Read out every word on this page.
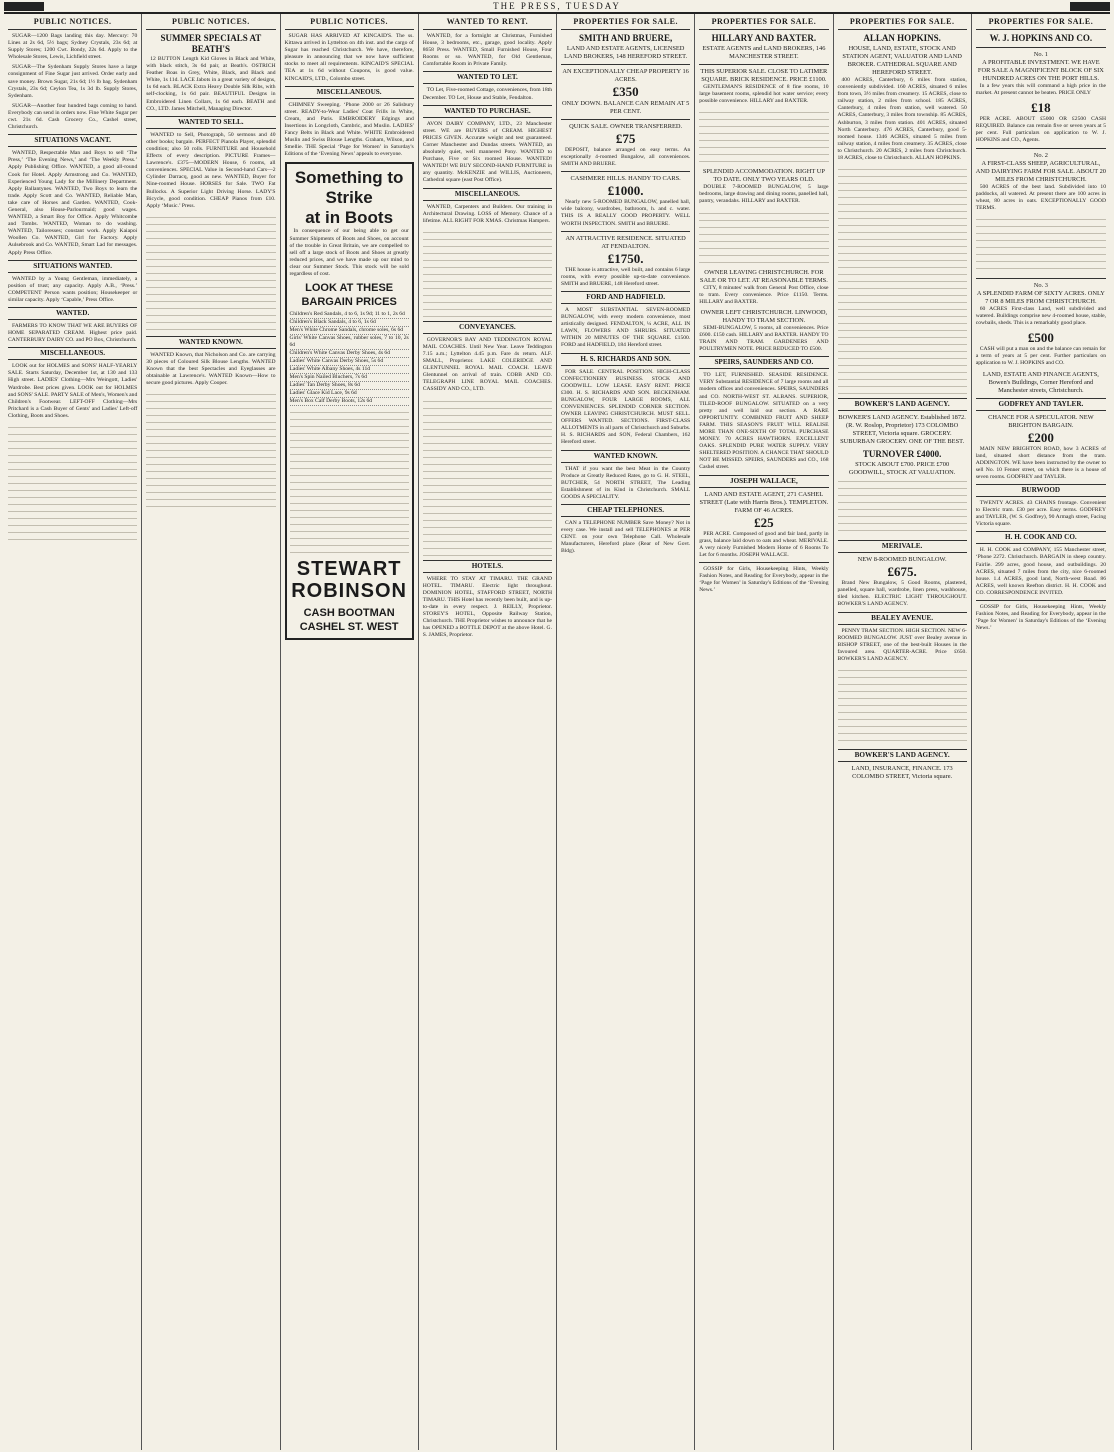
THE PRESS, TUESDAY
PUBLIC NOTICES.
SUGAR—1200 Bags landing this day. Mercury: 70 Lines at 2s 6d, 5½ bags; Sydney Crystals, 23s 6d; at Supply Stores; 1200 Cwt. Bondy, 22s 6d. Apply to the Wholesale Stores, Lewis, Lichfield street.
SUGAR—The Sydenham Supply Stores have a large consignment of Fine Sugar just arrived. Order early and save money. Brown Sugar, 21s 6d; 1½ lb bag. Sydenham Crystals, 23s 6d; Ceylon Tea, 1s 3d lb. Supply Stores, Sydenham.
SUGAR—Another four hundred bags coming to hand. Everybody can send in orders now. Fine White Sugar per cwt. 21s 6d. Cash Grocery Co., Cashel street, Christchurch.
SITUATIONS VACANT.
WANTED, Respectable Man and Boys to sell ‘The Press,’ ‘The Evening News,’ and ‘The Weekly Press.’ Apply Publishing Office. WANTED, a good all-round Cook for Hotel. Apply Armstrong and Co. WANTED, Experienced Young Lady for the Millinery Department. Apply Ballantynes. WANTED, Two Boys to learn the trade. Apply Scott and Co. WANTED, Reliable Man, take care of Horses and Garden. WANTED, Cook-General, also House-Parlourmaid; good wages. WANTED, a Smart Boy for Office. Apply Whitcombe and Tombs. WANTED, Woman to do washing. WANTED, Tailoresses; constant work. Apply Kaiapoi Woollen Co. WANTED, Girl for Factory. Apply Aulsebrook and Co. WANTED, Smart Lad for messages. Apply Press Office.
SITUATIONS WANTED.
WANTED by a Young Gentleman, immediately, a position of trust; any capacity. Apply A.B., ‘Press.’ COMPETENT Person wants position; Housekeeper or similar capacity. Apply ‘Capable,’ Press Office.
WANTED.
FARMERS TO KNOW THAT WE ARE BUYERS OF HOME SEPARATED CREAM. Highest price paid. CANTERBURY DAIRY CO. and PO Box, Christchurch.
MISCELLANEOUS.
LOOK out for HOLMES and SONS' HALF-YEARLY SALE. Starts Saturday, December 1st, at 130 and 133 High street. LADIES' Clothing—Mrs Weingott, Ladies' Wardrobe. Best prices given. LOOK out for HOLMES and SONS' SALE. PARTY SALE of Men's, Women's and Children's Footwear. LEFT-OFF Clothing—Mrs Pritchard is a Cash Buyer of Gents' and Ladies' Left-off Clothing, Boots and Shoes.
PUBLIC NOTICES.
SUMMER SPECIALS AT BEATH'S
12 BUTTON Length Kid Gloves in Black and White, with black stitch, 3s 6d pair, at Beath's. OSTRICH Feather Boas in Grey, White, Black, and Black and White, 1s 11d. LACE Jabots in a great variety of designs, 1s 6d each. BLACK Extra Heavy Double Silk Ribs, with self-clocking, 1s 6d pair. BEAUTIFUL Designs in Embroidered Linen Collars, 1s 6d each. BEATH and CO., LTD. James Mitchell, Managing Director.
WANTED TO SELL.
WANTED to Sell, Photograph, 50 sermons and 40 other books; bargain. PERFECT Pianola Player, splendid condition; also 50 rolls. FURNITURE and Household Effects of every description. PICTURE Frames—Lawrence's. £375—MODERN House, 6 rooms, all conveniences. SPECIAL Value in Second-hand Cars—2 Cylinder Darracq, good as new. WANTED, Buyer for Nine-roomed House. HORSES for Sale. TWO Fat Bullocks. A Superior Light Driving Horse. LADY'S Bicycle, good condition. CHEAP Pianos from £10. Apply ‘Music.’ Press.
WANTED KNOWN.
WANTED Known, that Nicholson and Co. are carrying 30 pieces of Coloured Silk Blouse Lengths. WANTED Known that the best Spectacles and Eyeglasses are obtainable at Lawrence's. WANTED Known—How to secure good pictures. Apply Cooper.
PUBLIC NOTICES.
SUGAR HAS ARRIVED AT KINCAID'S. The ss. Kittawa arrived in Lyttelton on 4th inst. and the cargo of Sugar has reached Christchurch. We have, therefore, pleasure in announcing that we now have sufficient stocks to meet all requirements. KINCAID'S SPECIAL TEA at 1s 6d without Coupons, is good value. KINCAID'S, LTD., Colombo street.
MISCELLANEOUS.
CHIMNEY Sweeping. ‘Phone 2000 or 26 Salisbury street. READY-to-Wear Ladies' Coat Frills in White, Cream, and Paris. EMBROIDERY Edgings and Insertions in Longcloth, Cambric, and Muslin. LADIES' Fancy Belts in Black and White. WHITE Embroidered Muslin and Swiss Blouse Lengths. Graham, Wilson, and Smellie. THE Special ‘Page for Women’ in Saturday's Editions of the ‘Evening News’ appeals to everyone.
Something to Strike
at in Boots
In consequence of our being able to get our Summer Shipments of Boots and Shoes, on account of the trouble in Great Britain, we are compelled to sell off a large stock of Boots and Shoes at greatly reduced prices, and we have made up our mind to clear our Summer Stock. This stock will be sold regardless of cost.
LOOK AT THESE BARGAIN PRICES
Children's Red Sandals, 4 to 6, 1s 9d; 11 to 1, 2s 6d
Children's Black Sandals, 4 to 6, 1s 6d
Men's White Chrome Sandals, chrome soles, 6s 6d
Girls' White Canvas Shoes, rubber soles, 7 to 10, 2s 6d
Children's White Canvas Derby Shoes, 4s 6d
Ladies' White Canvas Derby Shoes, 5s 6d
Ladies' White Albany Shoes, 4s 11d
Men's Spin Nailed Bluchers, 7s 6d
Ladies' Tan Derby Shoes, 8s 6d
Ladies' Glace Kid Lace, 9s 6d
Men's Box Calf Derby Boots, 12s 6d
STEWART
ROBINSON
CASH BOOTMAN
CASHEL ST. WEST
WANTED TO RENT.
WANTED, for a fortnight at Christmas, Furnished House, 3 bedrooms, etc., garage, good locality. Apply 8658 Press. WANTED, Small Furnished House, Four Rooms or so. WANTED, for Old Gentleman, Comfortable Room in Private Family.
WANTED TO LET.
TO Let, Five-roomed Cottage, conveniences, from 18th December. TO Let, House and Stable, Fendalton.
WANTED TO PURCHASE.
AVON DAIRY COMPANY, LTD., 23 Manchester street. WE are BUYERS of CREAM. HIGHEST PRICES GIVEN. Accurate weight and test guaranteed. Corner Manchester and Dundas streets. WANTED, an absolutely quiet, well mannered Pony. WANTED to Purchase, Five or Six roomed House. WANTED! WANTED! WE BUY SECOND-HAND FURNITURE in any quantity. McKENZIE and WILLIS, Auctioneers, Cathedral square (east Post Office).
MISCELLANEOUS.
WANTED, Carpenters and Builders. Our training in Architectural Drawing. LOSS of Memory. Chance of a lifetime. ALL RIGHT FOR XMAS. Christmas Hampers.
CONVEYANCES.
GOVERNOR'S BAY AND TEDDINGTON ROYAL MAIL COACHES. Until New Year. Leave Teddington 7.15 a.m.; Lyttelton 4.45 p.m. Fare 4s return. ALF. SMALL, Proprietor. LAKE COLERIDGE AND GLENTUNNEL ROYAL MAIL COACH. LEAVE Glentunnel on arrival of train. COBB AND CO. TELEGRAPH LINE ROYAL MAIL COACHES. CASSIDY AND CO., LTD.
HOTELS.
WHERE TO STAY AT TIMARU. THE GRAND HOTEL. TIMARU. Electric light throughout. DOMINION HOTEL, STAFFORD STREET, NORTH TIMARU. THIS Hotel has recently been built, and is up-to-date in every respect. J. REILLY, Proprietor. STOREY'S HOTEL, Opposite Railway Station, Christchurch. THE Proprietor wishes to announce that he has OPENED a BOTTLE DEPOT at the above Hotel. G. S. JAMES, Proprietor.
PROPERTIES FOR SALE.
SMITH AND BRUERE,
LAND AND ESTATE AGENTS, LICENSED LAND BROKERS, 148 HEREFORD STREET.
AN EXCEPTIONALLY CHEAP PROPERTY 16 ACRES.
£350
ONLY DOWN. BALANCE CAN REMAIN AT 5 PER CENT.
QUICK SALE. OWNER TRANSFERRED.
£75
DEPOSIT, balance arranged on easy terms. An exceptionally 4-roomed Bungalow, all conveniences. SMITH AND BRUERE.
CASHMERE HILLS. HANDY TO CARS.
£1000.
Nearly new 5-ROOMED BUNGALOW, panelled hall, wide balcony, wardrobes, bathroom, h. and c. water. THIS IS A REALLY GOOD PROPERTY. WELL WORTH INSPECTION. SMITH and BRUERE.
AN ATTRACTIVE RESIDENCE. SITUATED AT FENDALTON.
£1750.
THE house is attractive, well built, and contains 6 large rooms, with every possible up-to-date convenience. SMITH and BRUERE, 148 Hereford street.
FORD AND HADFIELD.
A MOST SUBSTANTIAL SEVEN-ROOMED BUNGALOW, with every modern convenience, most artistically designed. FENDALTON, ¼ ACRE, ALL IN LAWN, FLOWERS AND SHRUBS. SITUATED WITHIN 20 MINUTES OF THE SQUARE. £1500. FORD and HADFIELD, 184 Hereford street.
H. S. RICHARDS AND SON.
FOR SALE. CENTRAL POSITION. HIGH-CLASS CONFECTIONERY BUSINESS. STOCK AND GOODWILL. LOW LEASE. EASY RENT. PRICE £300. H. S. RICHARDS AND SON. BECKENHAM. BUNGALOW, FOUR LARGE ROOMS, ALL CONVENIENCES. SPLENDID CORNER SECTION. OWNER LEAVING CHRISTCHURCH. MUST SELL. OFFERS WANTED. SECTIONS. FIRST-CLASS ALLOTMENTS in all parts of Christchurch and Suburbs. H. S. RICHARDS and SON, Federal Chambers, 162 Hereford street.
WANTED KNOWN.
THAT if you want the best Meat in the Country Produce at Greatly Reduced Rates, go to G. H. STEEL, BUTCHER, 54 NORTH STREET, The Leading Establishment of its Kind in Christchurch. SMALL GOODS A SPECIALITY.
CHEAP TELEPHONES.
CAN a TELEPHONE NUMBER Save Money? Not in every case. We install and sell TELEPHONES at PER CENT. on your own Telephone Call. Wholesale Manufacturers, Hereford place (Rear of New Govt. Bldg).
PROPERTIES FOR SALE.
HILLARY AND BAXTER.
ESTATE AGENTS and LAND BROKERS, 146 MANCHESTER STREET.
THIS SUPERIOR SALE. CLOSE TO LATIMER SQUARE. BRICK RESIDENCE. PRICE £1100.
GENTLEMAN'S RESIDENCE of 8 fine rooms, 10 large basement rooms, splendid hot water service; every possible convenience. HILLARY and BAXTER.
SPLENDID ACCOMMODATION. RIGHT UP TO DATE. ONLY TWO YEARS OLD.
DOUBLE 7-ROOMED BUNGALOW, 5 large bedrooms, large drawing and dining rooms, panelled hall, pantry, verandahs. HILLARY and BAXTER.
OWNER LEAVING CHRISTCHURCH. FOR SALE OR TO LET. AT REASONABLE TERMS.
CITY, 8 minutes' walk from General Post Office, close to tram. Every convenience. Price £1150. Terms. HILLARY and BAXTER.
OWNER LEFT CHRISTCHURCH. LINWOOD, HANDY TO TRAM SECTION.
SEMI-BUNGALOW, 5 rooms, all conveniences. Price £600. £150 cash. HILLARY and BAXTER. HANDY TO TRAIN AND TRAM. GARDENERS AND POULTRYMEN NOTE. PRICE REDUCED TO £500.
SPEIRS, SAUNDERS AND CO.
TO LET, FURNISHED. SEASIDE RESIDENCE. VERY Substantial RESIDENCE of 7 large rooms and all modern offices and conveniences. SPEIRS, SAUNDERS and CO. NORTH-WEST ST. ALBANS. SUPERIOR, TILED-ROOF BUNGALOW. SITUATED on a very pretty and well laid out section. A RARE OPPORTUNITY. COMBINED FRUIT AND SHEEP FARM. THIS SEASON'S FRUIT WILL REALISE MORE THAN ONE-SIXTH OF TOTAL PURCHASE MONEY. 70 ACRES HAWTHORN. EXCELLENT OAKS. SPLENDID PURE WATER SUPPLY. VERY SHELTERED POSITION. A CHANCE THAT SHOULD NOT BE MISSED. SPEIRS, SAUNDERS and CO., 168 Cashel street.
JOSEPH WALLACE,
LAND AND ESTATE AGENT, 271 CASHEL STREET (Late with Harris Bros.). TEMPLETON. FARM OF 46 ACRES.
£25
PER ACRE. Composed of good and fair land, partly in grass, balance laid down to oats and wheat. MERIVALE. A very nicely Furnished Modern Home of 6 Rooms To Let for 6 months. JOSEPH WALLACE.
GOSSIP for Girls, Housekeeping Hints, Weekly Fashion Notes, and Reading for Everybody, appear in the ‘Page for Women’ in Saturday's Editions of the ‘Evening News.’
PROPERTIES FOR SALE.
ALLAN HOPKINS.
HOUSE, LAND, ESTATE, STOCK AND STATION AGENT, VALUATOR AND LAND BROKER. CATHEDRAL SQUARE AND HEREFORD STREET.
400 ACRES, Canterbury, 6 miles from station, conveniently subdivided. 160 ACRES, situated 6 miles from town, 3½ miles from creamery. 15 ACRES, close to railway station, 2 miles from school. 185 ACRES, Canterbury, 4 miles from station, well watered. 50 ACRES, Canterbury, 3 miles from township. 85 ACRES, Ashburton, 3 miles from station. 401 ACRES, situated North Canterbury. 476 ACRES, Canterbury, good 5-roomed house. 1346 ACRES, situated 5 miles from railway station, 4 miles from creamery. 35 ACRES, close to Christchurch. 20 ACRES, 2 miles from Christchurch. 18 ACRES, close to Christchurch. ALLAN HOPKINS.
BOWKER'S LAND AGENCY.
BOWKER'S LAND AGENCY. Established 1872. (R. W. Roslop, Proprietor) 173 COLOMBO STREET, Victoria square. GROCERY. SUBURBAN GROCERY. ONE OF THE BEST.
TURNOVER £4000.
STOCK ABOUT £700. PRICE £700 GOODWILL, STOCK AT VALUATION.
MERIVALE.
NEW 8-ROOMED BUNGALOW.
£675.
Brand New Bungalow, 5 Good Rooms, plastered, panelled, square hall, wardrobe, linen press, washhouse, tiled kitchen. ELECTRIC LIGHT THROUGHOUT. BOWKER'S LAND AGENCY.
BEALEY AVENUE.
PENNY TRAM SECTION. HIGH SECTION. NEW 6-ROOMED BUNGALOW. JUST over Bealey avenue in BISHOP STREET, one of the best-built Houses in the favoured area. QUARTER-ACRE. Price £650. BOWKER'S LAND AGENCY.
BOWKER'S LAND AGENCY.
LAND, INSURANCE, FINANCE. 173 COLOMBO STREET, Victoria square.
PROPERTIES FOR SALE.
W. J. HOPKINS AND CO.
No. 1
A PROFITABLE INVESTMENT. WE HAVE FOR SALE A MAGNIFICENT BLOCK OF SIX HUNDRED ACRES ON THE PORT HILLS.
In a few years this will command a high price in the market. At present cannot be beaten. PRICE ONLY
£18
PER ACRE. ABOUT £5000 OR £2500 CASH REQUIRED. Balance can remain five or seven years at 5 per cent. Full particulars on application to W. J. HOPKINS and CO., Agents.
No. 2
A FIRST-CLASS SHEEP, AGRICULTURAL, AND DAIRYING FARM FOR SALE. ABOUT 20 MILES FROM CHRISTCHURCH.
500 ACRES of the best land. Subdivided into 10 paddocks, all watered. At present there are 100 acres in wheat, 80 acres in oats. EXCEPTIONALLY GOOD TERMS.
No. 3
A SPLENDID FARM OF SIXTY ACRES. ONLY 7 OR 8 MILES FROM CHRISTCHURCH.
60 ACRES First-class Land, well subdivided and watered. Buildings comprise new 4-roomed house, stable, cowbails, sheds. This is a remarkably good place.
£500
CASH will put a man on and the balance can remain for a term of years at 5 per cent. Further particulars on application to W. J. HOPKINS and CO.
LAND, ESTATE AND FINANCE AGENTS, Bowen's Buildings, Corner Hereford and Manchester streets, Christchurch.
GODFREY AND TAYLER.
CHANCE FOR A SPECULATOR. NEW BRIGHTON BARGAIN.
£200
MAIN NEW BRIGHTON ROAD, how 3 ACRES of land, situated short distance from the tram. ADDINGTON. WE have been instructed by the owner to sell No. 10 Fenner street, on which there is a house of seven rooms. GODFREY and TAYLER.
BURWOOD
TWENTY ACRES. 43 CHAINS frontage. Convenient to Electric tram. £30 per acre. Easy terms. GODFREY and TAYLER, (W. S. Godfrey), 90 Armagh street, Facing Victoria square.
H. H. COOK AND CO.
H. H. COOK and COMPANY, 155 Manchester street, ‘Phone 2272. Christchurch. BARGAIN in sheep country. Fairlie. 299 acres, good house, and outbuildings. 20 ACRES, situated 7 miles from the city, nice 6-roomed house. 1.4 ACRES, good land, North-west Road. 86 ACRES, well known Reefton district. H. H. COOK and CO. CORRESPONDENCE INVITED.
GOSSIP for Girls, Housekeeping Hints, Weekly Fashion Notes, and Reading for Everybody, appear in the ‘Page for Women’ in Saturday's Editions of the ‘Evening News.’
